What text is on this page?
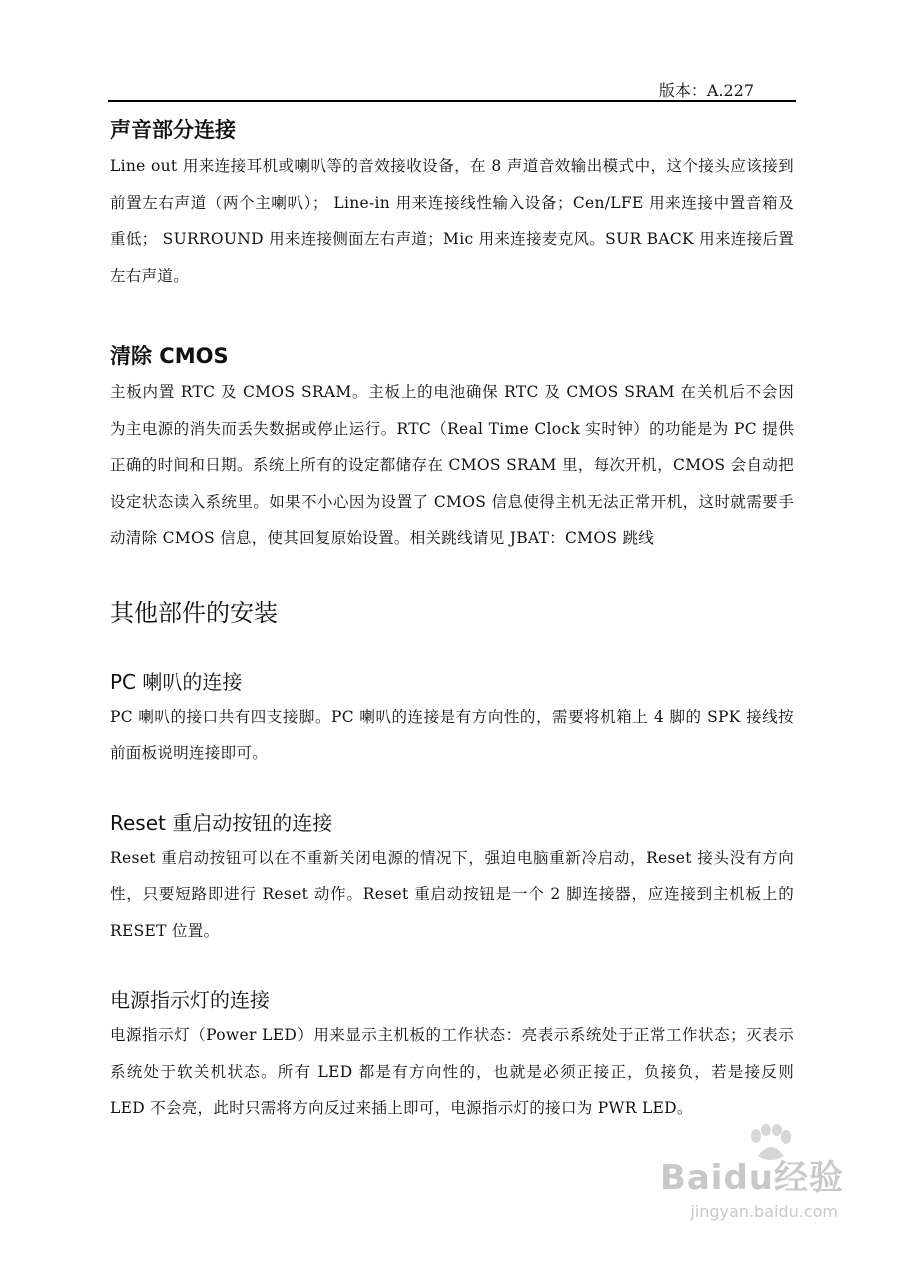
版本：A.227
声音部分连接

Line out 用来连接耳机或喇叭等的音效接收设备，在 8 声道音效输出模式中，这个接头应该接到前置左右声道（两个主喇叭）； Line-in 用来连接线性输入设备；Cen/LFE 用来连接中置音箱及重低； SURROUND 用来连接侧面左右声道；Mic 用来连接麦克风。SUR BACK 用来连接后置左右声道。

清除 CMOS

主板内置 RTC 及 CMOS SRAM。主板上的电池确保 RTC 及 CMOS SRAM 在关机后不会因为主电源的消失而丢失数据或停止运行。RTC（Real Time Clock 实时钟）的功能是为 PC 提供正确的时间和日期。系统上所有的设定都储存在 CMOS SRAM 里，每次开机，CMOS 会自动把设定状态读入系统里。如果不小心因为设置了 CMOS 信息使得主机无法正常开机，这时就需要手动清除 CMOS 信息，使其回复原始设置。相关跳线请见 JBAT：CMOS 跳线

其他部件的安装
PC 喇叭的连接

PC 喇叭的接口共有四支接脚。PC 喇叭的连接是有方向性的，需要将机箱上 4 脚的 SPK 接线按前面板说明连接即可。

Reset 重启动按钮的连接

Reset 重启动按钮可以在不重新关闭电源的情况下，强迫电脑重新冷启动，Reset 接头没有方向性，只要短路即进行 Reset 动作。Reset 重启动按钮是一个 2 脚连接器，应连接到主机板上的 RESET 位置。

电源指示灯的连接

电源指示灯（Power LED）用来显示主机板的工作状态：亮表示系统处于正常工作状态；灭表示系统处于软关机状态。所有 LED 都是有方向性的，也就是必须正接正，负接负，若是接反则 LED 不会亮，此时只需将方向反过来插上即可，电源指示灯的接口为 PWR LED。

Baidu经验
jingyan.baidu.com
